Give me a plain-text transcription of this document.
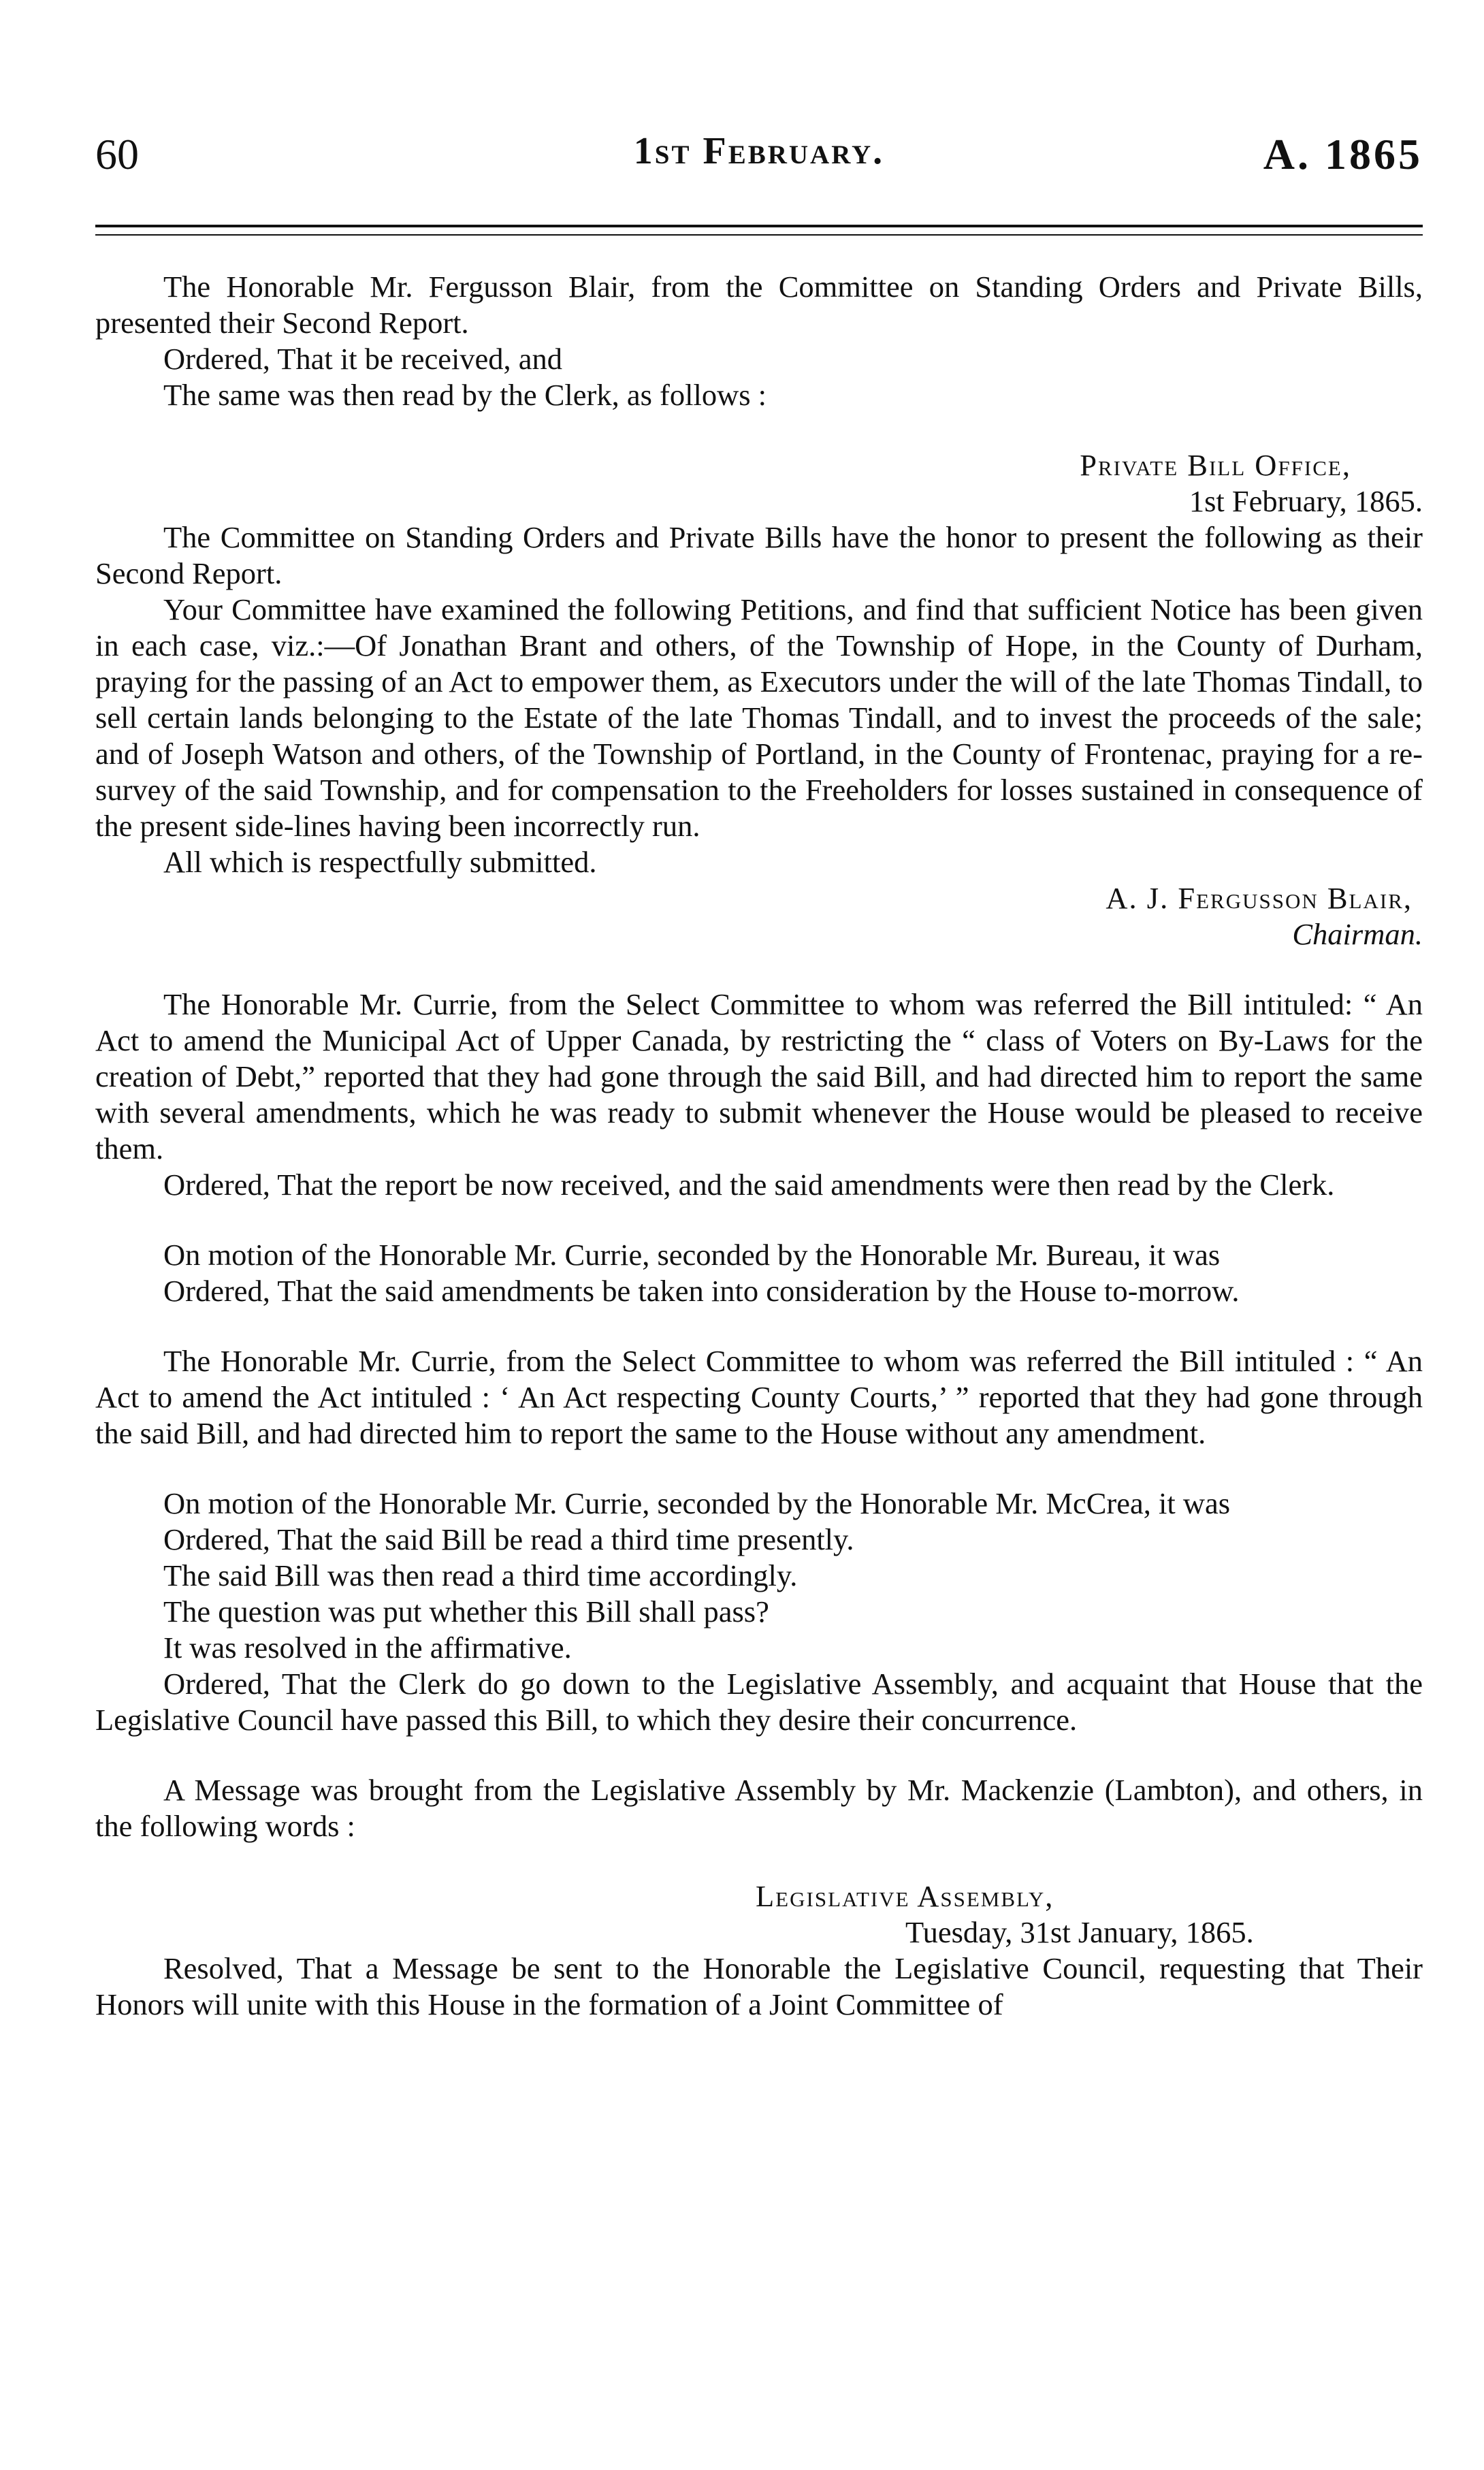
60	1st February.	A. 1865

The Honorable Mr. Fergusson Blair, from the Committee on Standing Orders and Private Bills, presented their Second Report.

Ordered, That it be received, and

The same was then read by the Clerk, as follows :

Private Bill Office,

1st February, 1865.

The Committee on Standing Orders and Private Bills have the honor to present the following as their Second Report.

Your Committee have examined the following Petitions, and find that sufficient Notice has been given in each case, viz.:—Of Jonathan Brant and others, of the Township of Hope, in the County of Durham, praying for the passing of an Act to empower them, as Executors under the will of the late Thomas Tindall, to sell certain lands belonging to the Estate of the late Thomas Tindall, and to invest the proceeds of the sale; and of Joseph Watson and others, of the Township of Portland, in the County of Frontenac, praying for a re-survey of the said Township, and for compensation to the Freeholders for losses sustained in consequence of the present side-lines having been incorrectly run.

All which is respectfully submitted.

A. J. Fergusson Blair,

Chairman.

The Honorable Mr. Currie, from the Select Committee to whom was referred the Bill intituled: “ An Act to amend the Municipal Act of Upper Canada, by restricting the “ class of Voters on By-Laws for the creation of Debt,” reported that they had gone through the said Bill, and had directed him to report the same with several amendments, which he was ready to submit whenever the House would be pleased to receive them.

Ordered, That the report be now received, and the said amendments were then read by the Clerk.

On motion of the Honorable Mr. Currie, seconded by the Honorable Mr. Bureau, it was

Ordered, That the said amendments be taken into consideration by the House to-morrow.

The Honorable Mr. Currie, from the Select Committee to whom was referred the Bill intituled : “ An Act to amend the Act intituled : ‘ An Act respecting County Courts,’ ” reported that they had gone through the said Bill, and had directed him to report the same to the House without any amendment.

On motion of the Honorable Mr. Currie, seconded by the Honorable Mr. McCrea, it was

Ordered, That the said Bill be read a third time presently.

The said Bill was then read a third time accordingly.

The question was put whether this Bill shall pass?

It was resolved in the affirmative.

Ordered, That the Clerk do go down to the Legislative Assembly, and acquaint that House that the Legislative Council have passed this Bill, to which they desire their concurrence.

A Message was brought from the Legislative Assembly by Mr. Mackenzie (Lambton), and others, in the following words :

Legislative Assembly,

Tuesday, 31st January, 1865.

Resolved, That a Message be sent to the Honorable the Legislative Council, requesting that Their Honors will unite with this House in the formation of a Joint Committee of
